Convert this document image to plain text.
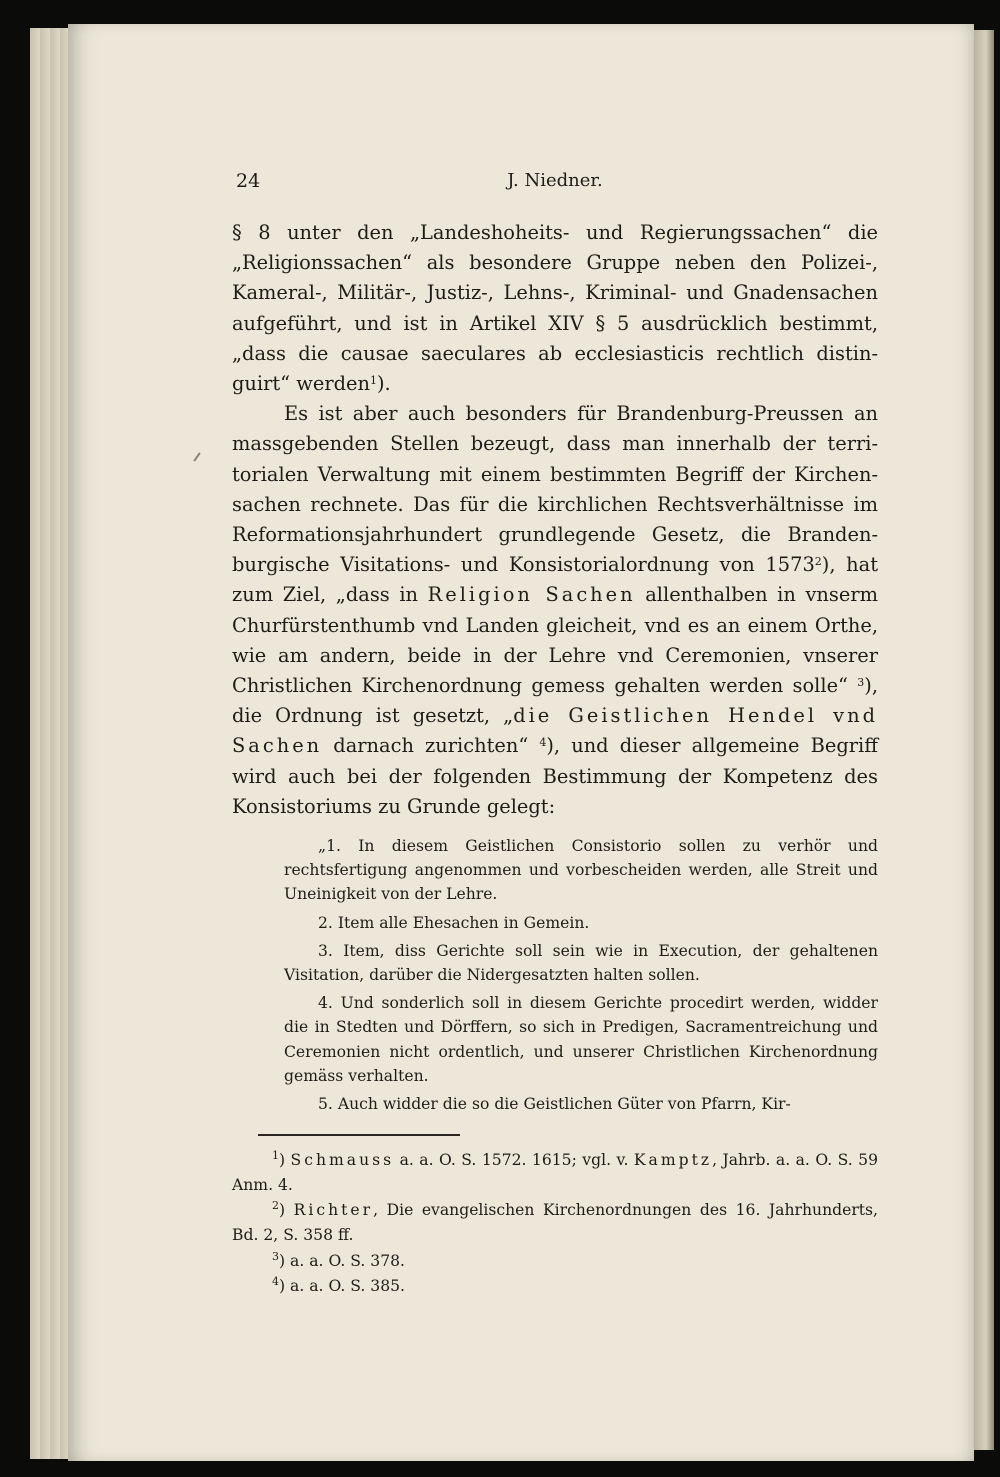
24	J. Niedner.

§ 8 unter den „Landeshoheits- und Regierungssachen“ die „Religionssachen“ als besondere Gruppe neben den Polizei-, Kameral-, Militär-, Justiz-, Lehns-, Kriminal- und Gnadensachen aufgeführt, und ist in Artikel XIV § 5 ausdrücklich bestimmt, „dass die causae saeculares ab ecclesiasticis rechtlich distinguirt“ werden$^1$).

Es ist aber auch besonders für Brandenburg-Preussen an massgebenden Stellen bezeugt, dass man innerhalb der territorialen Verwaltung mit einem bestimmten Begriff der Kirchensachen rechnete. Das für die kirchlichen Rechtsverhältnisse im Reformationsjahrhundert grundlegende Gesetz, die Brandenburgische Visitations- und Konsistorialordnung von 1573$^2$), hat zum Ziel, „dass in Religion Sachen allenthalben in vnserm Churfürstenthumb vnd Landen gleicheit, vnd es an einem Orthe, wie am andern, beide in der Lehre vnd Ceremonien, vnserer Christlichen Kirchenordnung gemess gehalten werden solle“ $^3$), die Ordnung ist gesetzt, „die Geistlichen Hendel vnd Sachen darnach zurichten“ $^4$), und dieser allgemeine Begriff wird auch bei der folgenden Bestimmung der Kompetenz des Konsistoriums zu Grunde gelegt:

„1. In diesem Geistlichen Consistorio sollen zu verhör und rechtsfertigung angenommen und vorbescheiden werden, alle Streit und Uneinigkeit von der Lehre.

2. Item alle Ehesachen in Gemein.

3. Item, diss Gerichte soll sein wie in Execution, der gehaltenen Visitation, darüber die Nidergesatzten halten sollen.

4. Und sonderlich soll in diesem Gerichte procedirt werden, widder die in Stedten und Dörffern, so sich in Predigen, Sacramentreichung und Ceremonien nicht ordentlich, und unserer Christlichen Kirchenordnung gemäss verhalten.

5. Auch widder die so die Geistlichen Güter von Pfarrn, Kir-

$^1$) Schmauss a. a. O. S. 1572. 1615; vgl. v. Kamptz, Jahrb. a. a. O. S. 59 Anm. 4.

$^2$) Richter, Die evangelischen Kirchenordnungen des 16. Jahrhunderts, Bd. 2, S. 358 ff.

$^3$) a. a. O. S. 378.

$^4$) a. a. O. S. 385.
